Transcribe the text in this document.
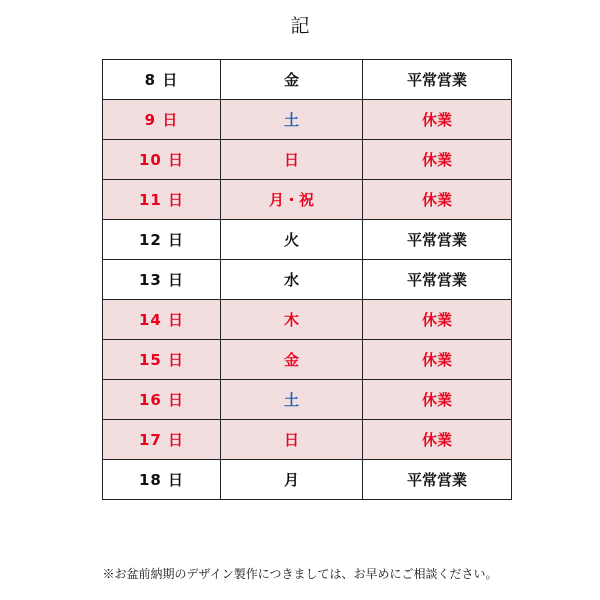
記
8 日	金	平常営業
9 日	土	休業
10 日	日	休業
11 日	月・祝	休業
12 日	火	平常営業
13 日	水	平常営業
14 日	木	休業
15 日	金	休業
16 日	土	休業
17 日	日	休業
18 日	月	平常営業
※お盆前納期のデザイン製作につきましては、お早めにご相談ください。
